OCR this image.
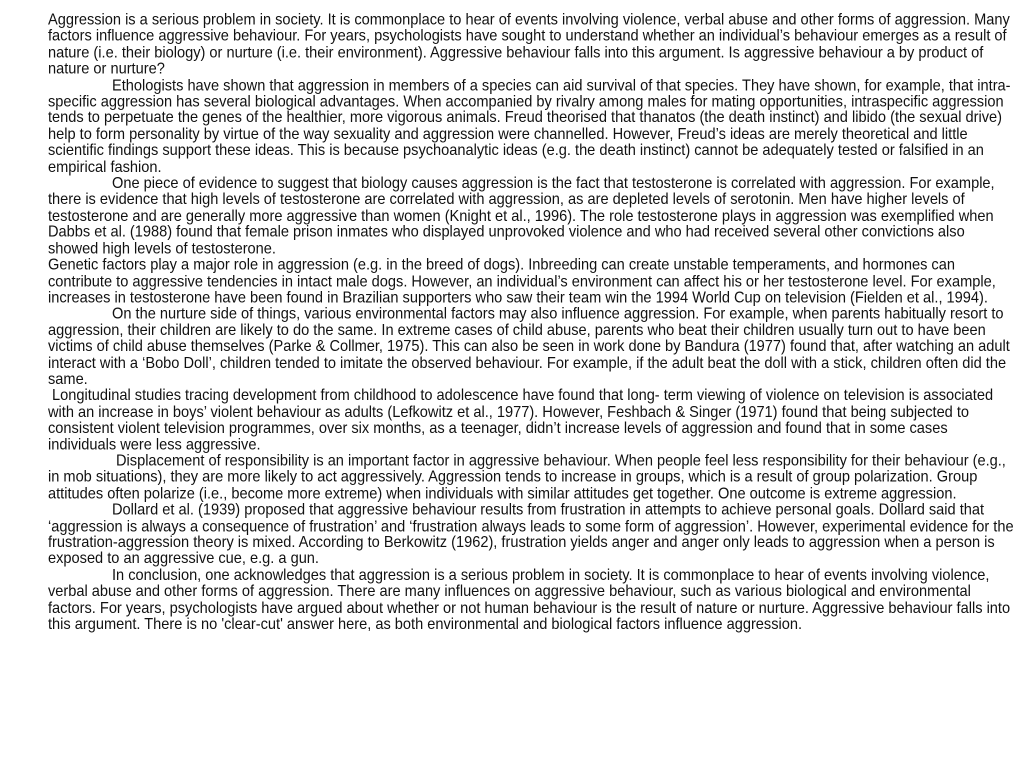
Aggression is a serious problem in society. It is commonplace to hear of events involving violence, verbal abuse and other forms of aggression. Many factors influence aggressive behaviour. For years, psychologists have sought to understand whether an individual’s behaviour emerges as a result of nature (i.e. their biology) or nurture (i.e. their environment). Aggressive behaviour falls into this argument. Is aggressive behaviour a by product of nature or nurture?

Ethologists have shown that aggression in members of a species can aid survival of that species. They have shown, for example, that intra-specific aggression has several biological advantages. When accompanied by rivalry among males for mating opportunities, intraspecific aggression tends to perpetuate the genes of the healthier, more vigorous animals. Freud theorised that thanatos (the death instinct) and libido (the sexual drive) help to form personality by virtue of the way sexuality and aggression were channelled. However, Freud’s ideas are merely theoretical and little scientific findings support these ideas. This is because psychoanalytic ideas (e.g. the death instinct) cannot be adequately tested or falsified in an empirical fashion.

One piece of evidence to suggest that biology causes aggression is the fact that testosterone is correlated with aggression. For example, there is evidence that high levels of testosterone are correlated with aggression, as are depleted levels of serotonin. Men have higher levels of testosterone and are generally more aggressive than women (Knight et al., 1996). The role testosterone plays in aggression was exemplified when Dabbs et al. (1988) found that female prison inmates who displayed unprovoked violence and who had received several other convictions also showed high levels of testosterone.

Genetic factors play a major role in aggression (e.g. in the breed of dogs). Inbreeding can create unstable temperaments, and hormones can contribute to aggressive tendencies in intact male dogs. However, an individual’s environment can affect his or her testosterone level. For example, increases in testosterone have been found in Brazilian supporters who saw their team win the 1994 World Cup on television (Fielden et al., 1994).

On the nurture side of things, various environmental factors may also influence aggression. For example, when parents habitually resort to aggression, their children are likely to do the same. In extreme cases of child abuse, parents who beat their children usually turn out to have been victims of child abuse themselves (Parke & Collmer, 1975). This can also be seen in work done by Bandura (1977) found that, after watching an adult interact with a ‘Bobo Doll’, children tended to imitate the observed behaviour. For example, if the adult beat the doll with a stick, children often did the same.

Longitudinal studies tracing development from childhood to adolescence have found that long- term viewing of violence on television is associated with an increase in boys’ violent behaviour as adults (Lefkowitz et al., 1977). However, Feshbach & Singer (1971) found that being subjected to consistent violent television programmes, over six months, as a teenager, didn’t increase levels of aggression and found that in some cases individuals were less aggressive.

Displacement of responsibility is an important factor in aggressive behaviour. When people feel less responsibility for their behaviour (e.g., in mob situations), they are more likely to act aggressively. Aggression tends to increase in groups, which is a result of group polarization. Group attitudes often polarize (i.e., become more extreme) when individuals with similar attitudes get together. One outcome is extreme aggression.

Dollard et al. (1939) proposed that aggressive behaviour results from frustration in attempts to achieve personal goals. Dollard said that ‘aggression is always a consequence of frustration’ and ‘frustration always leads to some form of aggression’. However, experimental evidence for the frustration-aggression theory is mixed. According to Berkowitz (1962), frustration yields anger and anger only leads to aggression when a person is exposed to an aggressive cue, e.g. a gun.

In conclusion, one acknowledges that aggression is a serious problem in society. It is commonplace to hear of events involving violence, verbal abuse and other forms of aggression. There are many influences on aggressive behaviour, such as various biological and environmental factors. For years, psychologists have argued about whether or not human behaviour is the result of nature or nurture. Aggressive behaviour falls into this argument. There is no 'clear-cut' answer here, as both environmental and biological factors influence aggression.
